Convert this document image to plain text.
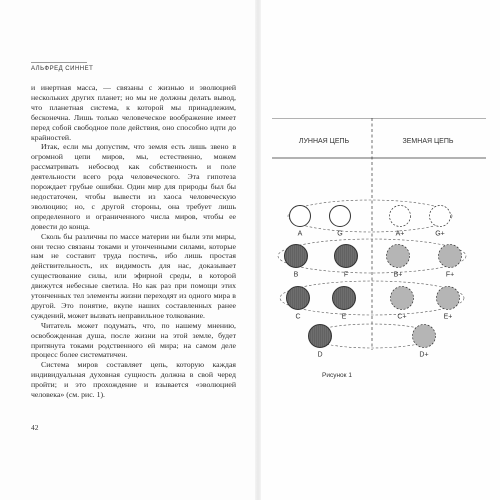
АЛЬФРЕД СИННЕТ

и инертная масса, — связаны с жизнью и эволюцией нескольких других планет; но мы не должны делать вывод, что планетная система, к которой мы принадлежим, бесконечна. Лишь только человеческое воображение имеет перед собой свободное поле действия, оно способно идти до крайностей.

Итак, если мы допустим, что земля есть лишь звено в огромной цепи миров, мы, естественно, можем рассматривать небосвод как собственность и поле деятельности всего рода человеческого. Эта гипотеза порождает грубые ошибки. Один мир для природы был бы недостаточен, чтобы вывести из хаоса человеческую эволюцию; но, с другой стороны, она требует лишь определенного и ограниченного числа миров, чтобы ее довести до конца.

Сколь бы различны по массе материи ни были эти миры, они тесно связаны токами и утонченными силами, которые нам не составит труда постичь, ибо лишь простая действительность, их видимость для нас, доказывает существование силы, или эфирной среды, в которой движутся небесные светила. Но как раз при помощи этих утонченных тел элементы жизни переходят из одного мира в другой. Это понятие, вкупе наших составленных ранее суждений, может вызвать неправильное толкование.

Читатель может подумать, что, по нашему мнению, освобожденная душа, после жизни на этой земле, будет притянута токами родственного ей мира; на самом деле процесс более систематичен.

Система миров составляет цепь, которую каждая индивидуальная духовная сущность должна в свой черед пройти; и это прохождение и взывается «эволюцией человека» (см. рис. 1).

42
ЛУННАЯ ЦЕПЬ	ЗЕМНАЯ ЦЕПЬ
A	G	A+	G+
B	F	B+	F+
C	E	C+	E+
D	D+
Рисунок 1
